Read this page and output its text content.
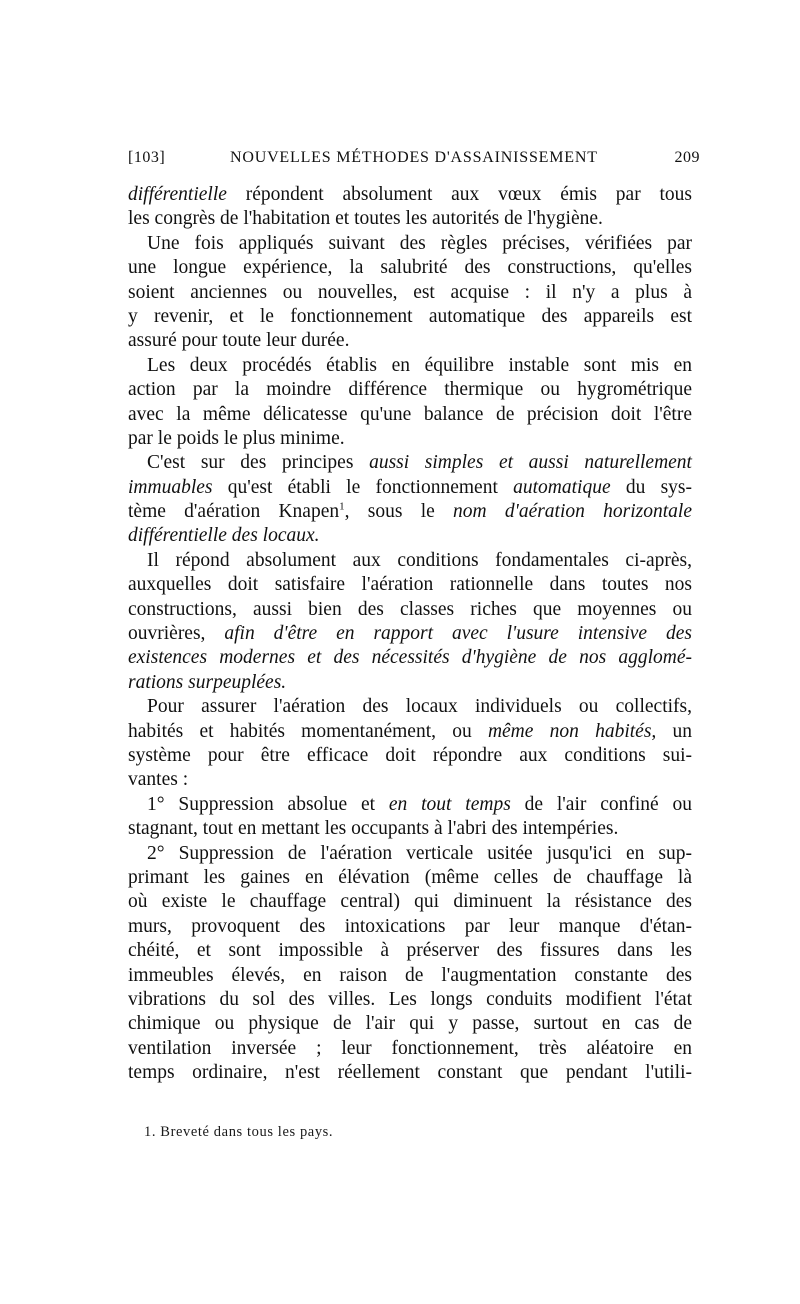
[103]	NOUVELLES MÉTHODES D'ASSAINISSEMENT	209
différentielle répondent absolument aux vœux émis par tous
les congrès de l'habitation et toutes les autorités de l'hygiène.
Une fois appliqués suivant des règles précises, vérifiées par
une longue expérience, la salubrité des constructions, qu'elles
soient anciennes ou nouvelles, est acquise : il n'y a plus à
y revenir, et le fonctionnement automatique des appareils est
assuré pour toute leur durée.
Les deux procédés établis en équilibre instable sont mis en
action par la moindre différence thermique ou hygrométrique
avec la même délicatesse qu'une balance de précision doit l'être
par le poids le plus minime.
C'est sur des principes aussi simples et aussi naturellement
immuables qu'est établi le fonctionnement automatique du sys-
tème d'aération Knapen$^1$, sous le nom d'aération horizontale
différentielle des locaux.
Il répond absolument aux conditions fondamentales ci-après,
auxquelles doit satisfaire l'aération rationnelle dans toutes nos
constructions, aussi bien des classes riches que moyennes ou
ouvrières, afin d'être en rapport avec l'usure intensive des
existences modernes et des nécessités d'hygiène de nos agglomé-
rations surpeuplées.
Pour assurer l'aération des locaux individuels ou collectifs,
habités et habités momentanément, ou même non habités, un
système pour être efficace doit répondre aux conditions sui-
vantes :
1° Suppression absolue et en tout temps de l'air confiné ou
stagnant, tout en mettant les occupants à l'abri des intempéries.
2° Suppression de l'aération verticale usitée jusqu'ici en sup-
primant les gaines en élévation (même celles de chauffage là
où existe le chauffage central) qui diminuent la résistance des
murs, provoquent des intoxications par leur manque d'étan-
chéité, et sont impossible à préserver des fissures dans les
immeubles élevés, en raison de l'augmentation constante des
vibrations du sol des villes. Les longs conduits modifient l'état
chimique ou physique de l'air qui y passe, surtout en cas de
ventilation inversée ; leur fonctionnement, très aléatoire en
temps ordinaire, n'est réellement constant que pendant l'utili-
1. Breveté dans tous les pays.
